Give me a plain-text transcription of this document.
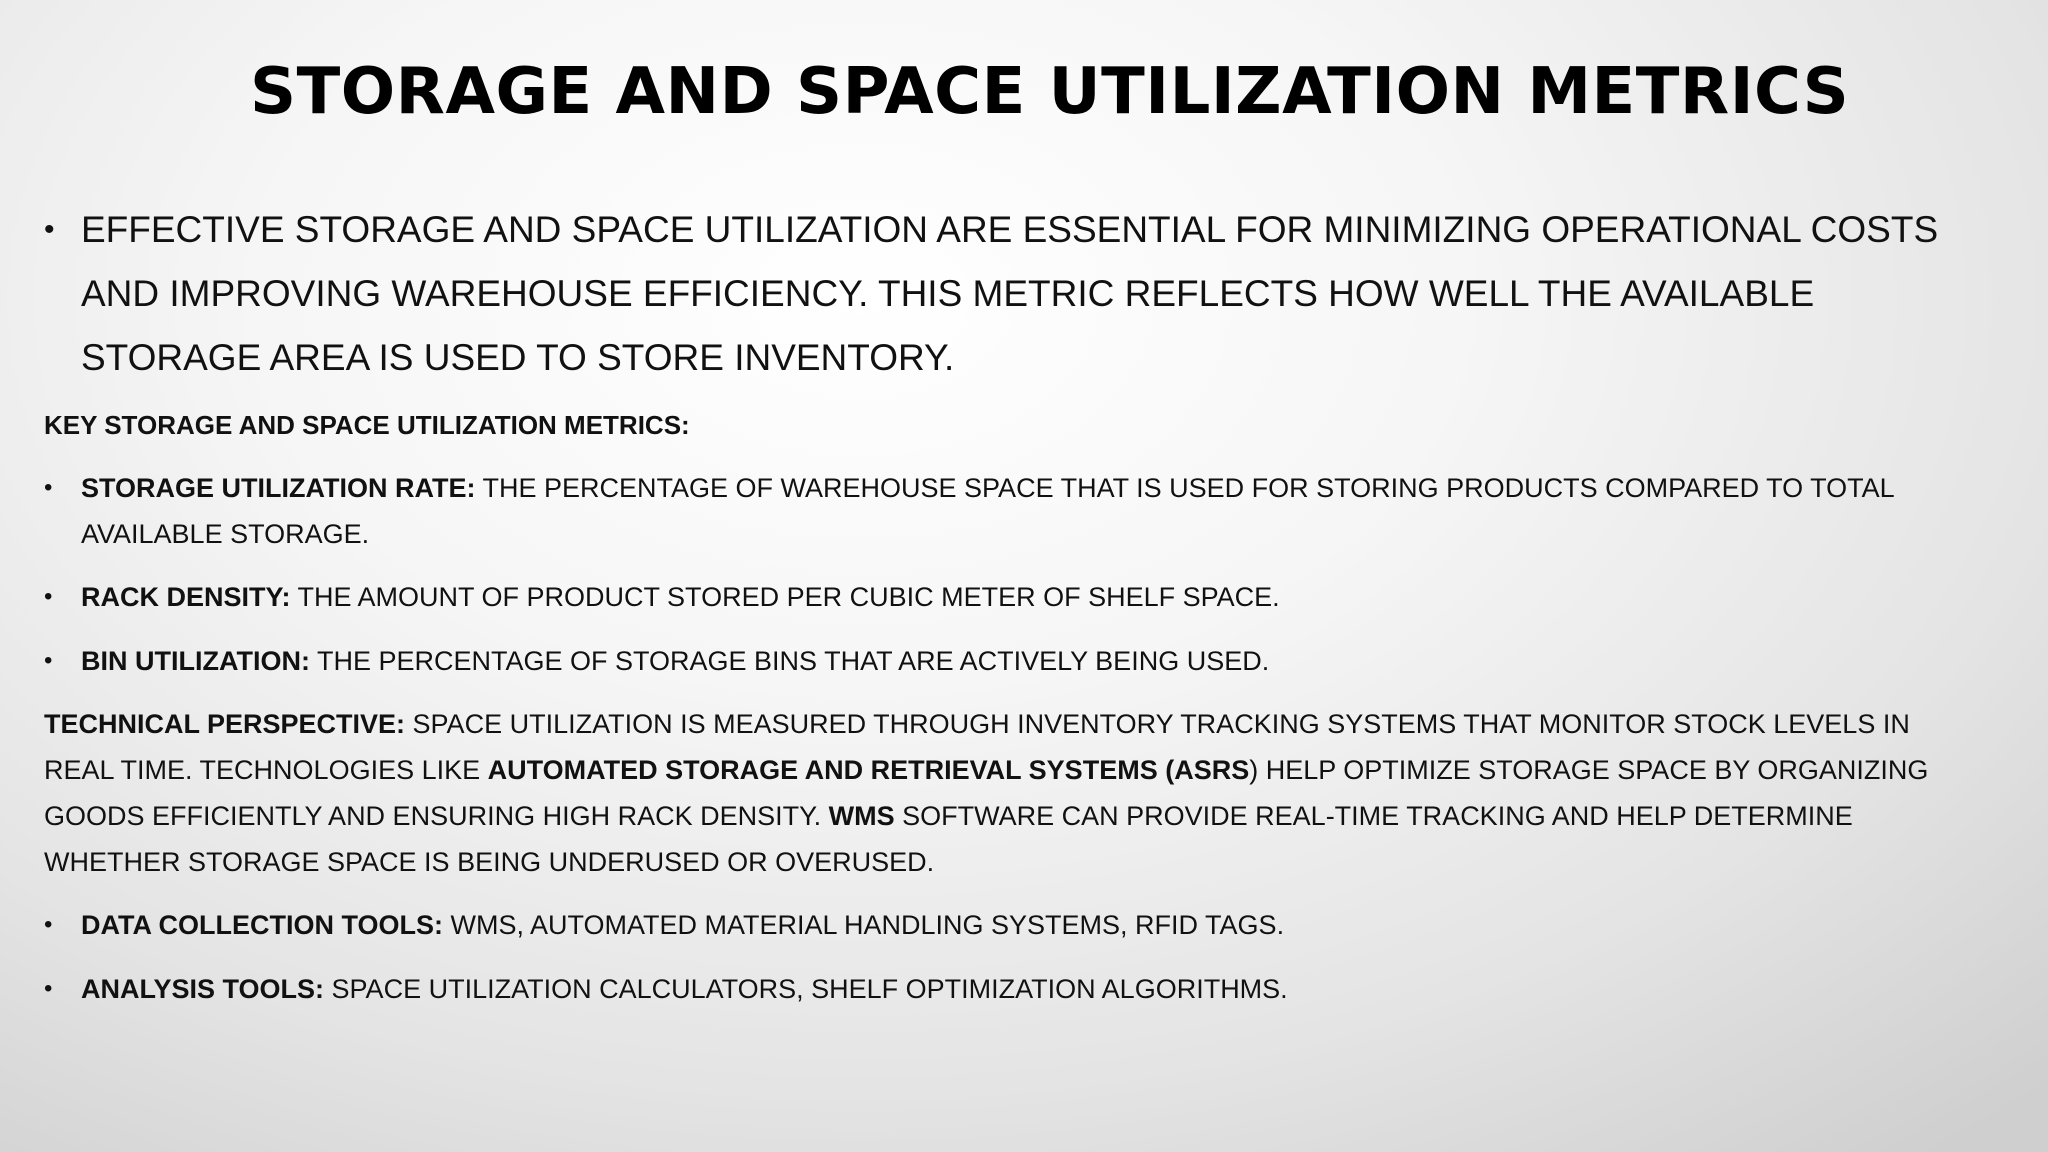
STORAGE AND SPACE UTILIZATION METRICS
• EFFECTIVE STORAGE AND SPACE UTILIZATION ARE ESSENTIAL FOR MINIMIZING OPERATIONAL COSTS AND IMPROVING WAREHOUSE EFFICIENCY. THIS METRIC REFLECTS HOW WELL THE AVAILABLE STORAGE AREA IS USED TO STORE INVENTORY.
KEY STORAGE AND SPACE UTILIZATION METRICS:
• STORAGE UTILIZATION RATE: THE PERCENTAGE OF WAREHOUSE SPACE THAT IS USED FOR STORING PRODUCTS COMPARED TO TOTAL AVAILABLE STORAGE.
• RACK DENSITY: THE AMOUNT OF PRODUCT STORED PER CUBIC METER OF SHELF SPACE.
• BIN UTILIZATION: THE PERCENTAGE OF STORAGE BINS THAT ARE ACTIVELY BEING USED.
TECHNICAL PERSPECTIVE: SPACE UTILIZATION IS MEASURED THROUGH INVENTORY TRACKING SYSTEMS THAT MONITOR STOCK LEVELS IN REAL TIME. TECHNOLOGIES LIKE AUTOMATED STORAGE AND RETRIEVAL SYSTEMS (ASRS) HELP OPTIMIZE STORAGE SPACE BY ORGANIZING GOODS EFFICIENTLY AND ENSURING HIGH RACK DENSITY. WMS SOFTWARE CAN PROVIDE REAL-TIME TRACKING AND HELP DETERMINE WHETHER STORAGE SPACE IS BEING UNDERUSED OR OVERUSED.
• DATA COLLECTION TOOLS: WMS, AUTOMATED MATERIAL HANDLING SYSTEMS, RFID TAGS.
• ANALYSIS TOOLS: SPACE UTILIZATION CALCULATORS, SHELF OPTIMIZATION ALGORITHMS.
